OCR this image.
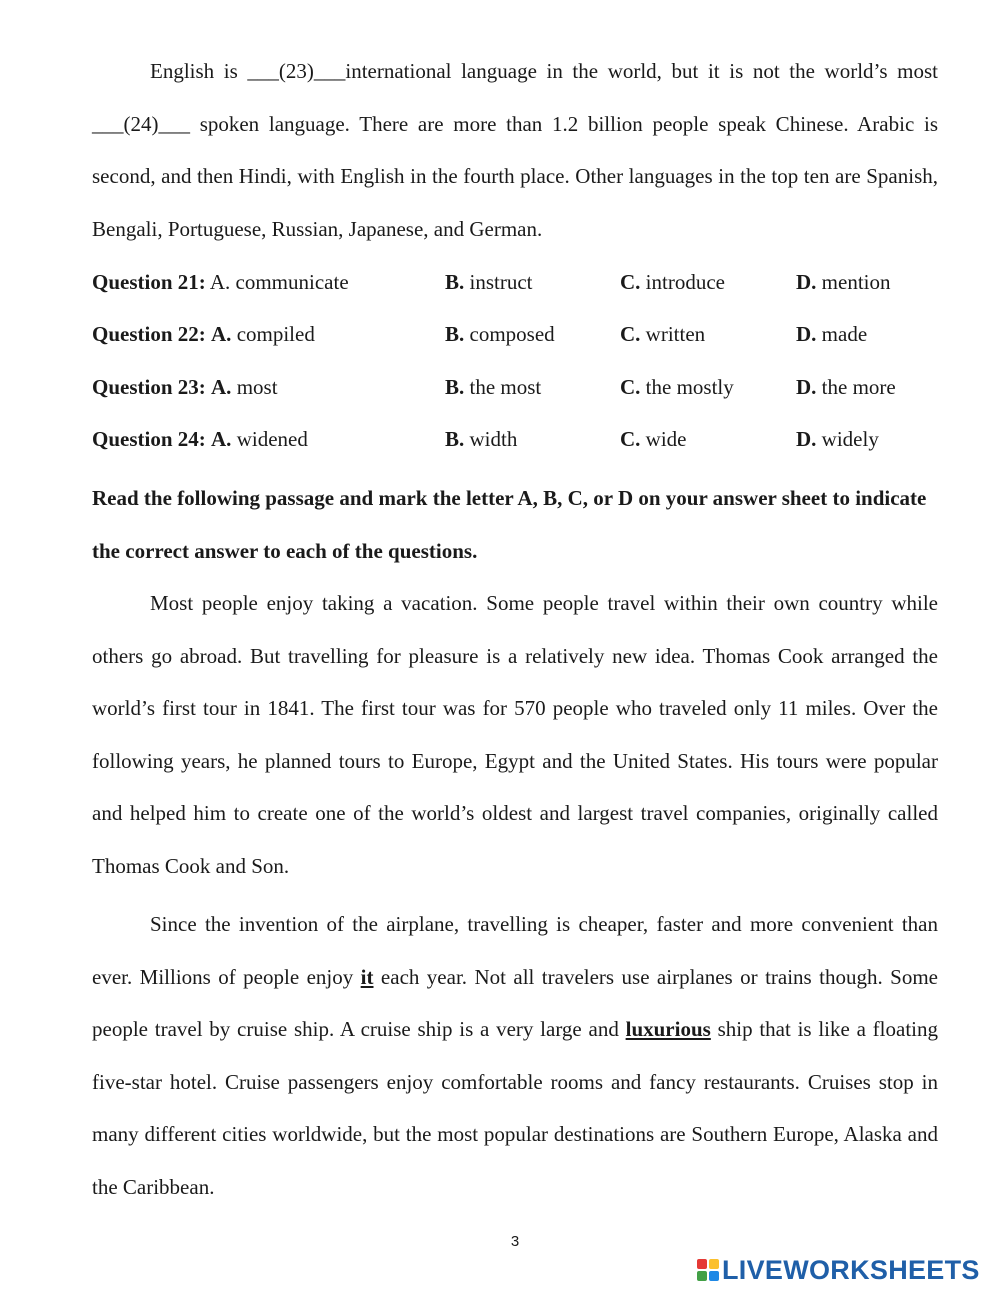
English is ___(23)___international language in the world, but it is not the world’s most ___(24)___ spoken language. There are more than 1.2 billion people speak Chinese. Arabic is second, and then Hindi, with English in the fourth place. Other languages in the top ten are Spanish, Bengali, Portuguese, Russian, Japanese, and German.

Question 21: A. communicate	B. instruct	C. introduce	D. mention
Question 22: A. compiled	B. composed	C. written	D. made
Question 23: A. most	B. the most	C. the mostly	D. the more
Question 24: A. widened	B. width	C. wide	D. widely

Read the following passage and mark the letter A, B, C, or D on your answer sheet to indicate the correct answer to each of the questions.

Most people enjoy taking a vacation. Some people travel within their own country while others go abroad. But travelling for pleasure is a relatively new idea. Thomas Cook arranged the world’s first tour in 1841. The first tour was for 570 people who traveled only 11 miles. Over the following years, he planned tours to Europe, Egypt and the United States. His tours were popular and helped him to create one of the world’s oldest and largest travel companies, originally called Thomas Cook and Son.

Since the invention of the airplane, travelling is cheaper, faster and more convenient than ever. Millions of people enjoy it each year. Not all travelers use airplanes or trains though. Some people travel by cruise ship. A cruise ship is a very large and luxurious ship that is like a floating five-star hotel. Cruise passengers enjoy comfortable rooms and fancy restaurants. Cruises stop in many different cities worldwide, but the most popular destinations are Southern Europe, Alaska and the Caribbean.

3
LIVEWORKSHEETS
